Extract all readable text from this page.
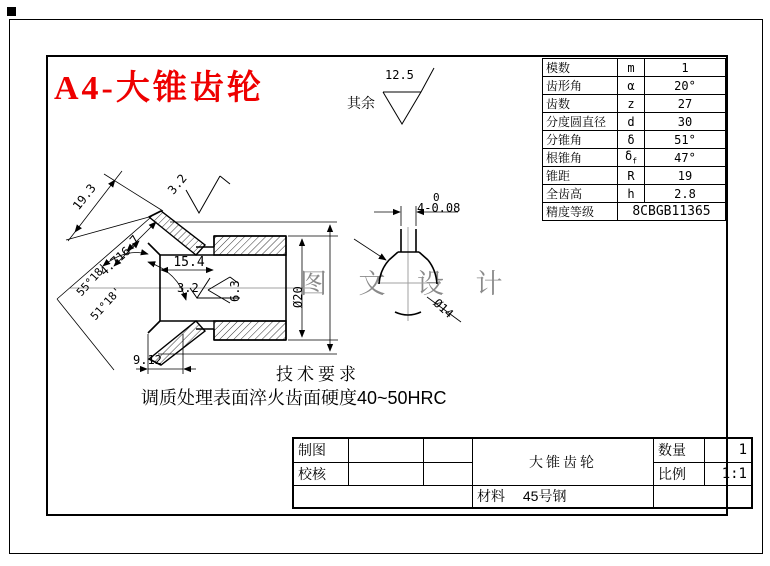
A4-大锥齿轮
图 文 设 计
19.3
7
4.716
3.2
15.4
3.2 6.3	Ø20
9.12
55°18'
51°18'
0
4-0.08
Ø14
12.5
其余
技术要求
调质处理表面淬火齿面硬度40~50HRC
模数	m	1
齿形角	α	20°
齿数	z	27
分度圆直径	d	30
分锥角	δ	51°
根锥角	$\delta_f$	47°
锥距	R	19
全齿高	h	2.8
精度等级	8CBGB11365	
制图			大锥齿轮	数量	1
校核				比例	1:1
			材料 45号钢		
